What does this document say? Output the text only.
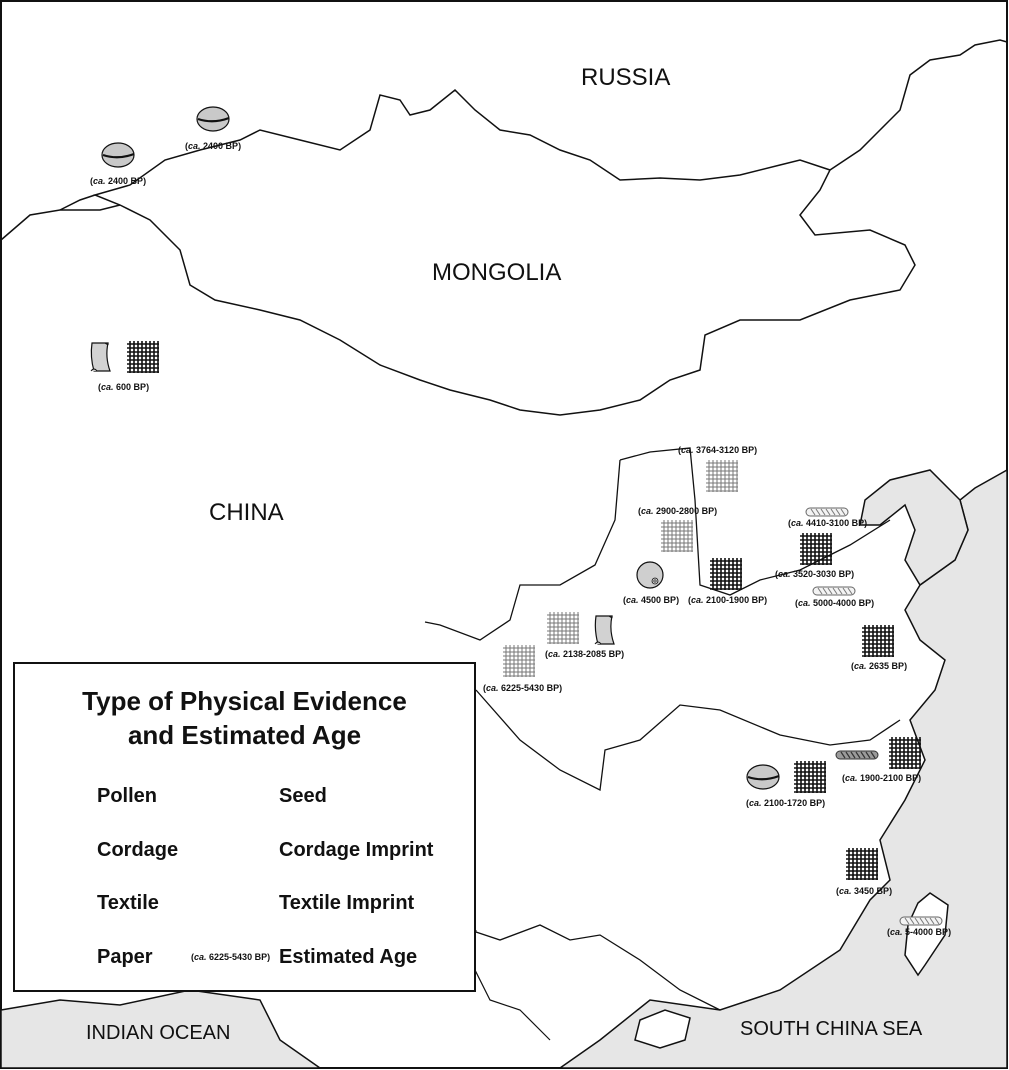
RUSSIA
MONGOLIA
CHINA
INDIAN OCEAN	SOUTH CHINA SEA
(ca. 2400 BP)
(ca. 2400 BP)
(ca. 600 BP)
(ca. 3764-3120 BP)
(ca. 2900-2800 BP)
(ca. 4500 BP) (ca. 2100-1900 BP)
(ca. 4410-3100 BP)
(ca. 3520-3030 BP)
(ca. 5000-4000 BP)
(ca. 2138-2085 BP)
(ca. 6225-5430 BP)
(ca. 2635 BP)
(ca. 1900-2100 BP)
(ca. 2100-1720 BP)
(ca. 3450 BP)
(ca. 5-4000 BP)
Type of Physical Evidence
and Estimated Age
Pollen	Seed
Cordage	Cordage Imprint
Textile	Textile Imprint
Paper	(ca. 6225-5430 BP) Estimated Age
